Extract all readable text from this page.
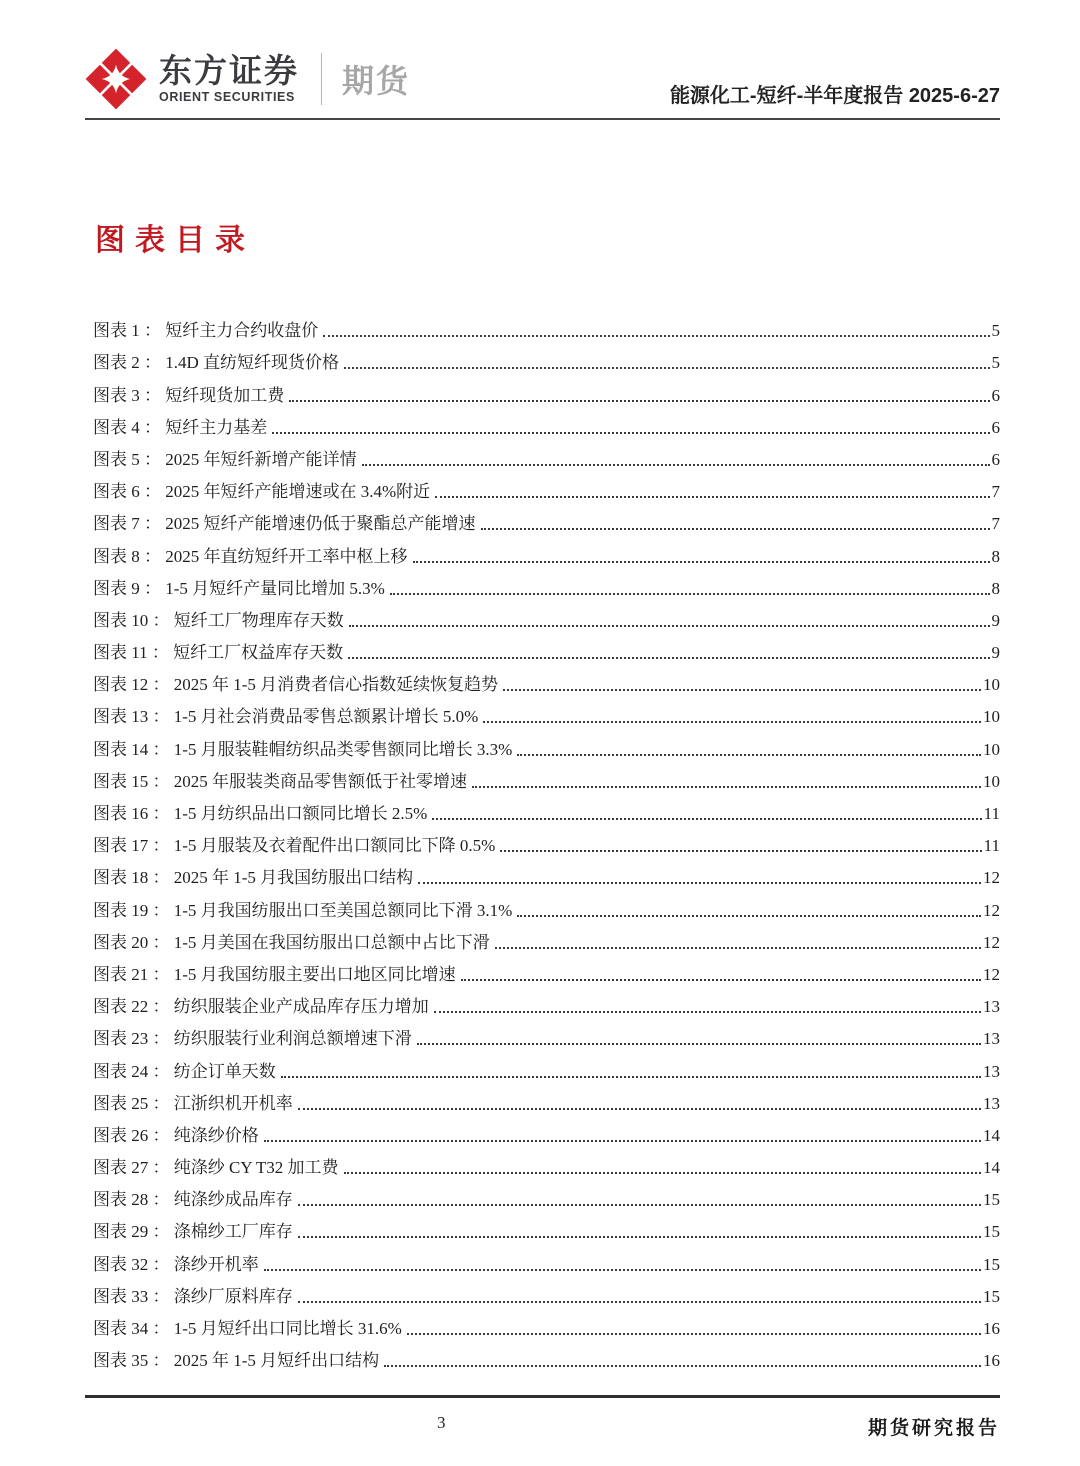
东方证券
ORIENT SECURITIES 期货	能源化工-短纤-半年度报告 2025-6-27
图表目录
图表 1 ： 短纤主力合约收盘价	5
图表 2 ： 1.4D 直纺短纤现货价格	5
图表 3 ： 短纤现货加工费	6
图表 4 ： 短纤主力基差	6
图表 5 ： 2025 年短纤新增产能详情	6
图表 6 ： 2025 年短纤产能增速或在 3.4%附近	7
图表 7 ： 2025 短纤产能增速仍低于聚酯总产能增速	7
图表 8 ： 2025 年直纺短纤开工率中枢上移	8
图表 9 ： 1-5 月短纤产量同比增加 5.3%	8
图表 10 ： 短纤工厂物理库存天数	9
图表 11 ： 短纤工厂权益库存天数	9
图表 12 ： 2025 年 1-5 月消费者信心指数延续恢复趋势	10
图表 13 ： 1-5 月社会消费品零售总额累计增长 5.0%	10
图表 14 ： 1-5 月服装鞋帽纺织品类零售额同比增长 3.3%	10
图表 15 ： 2025 年服装类商品零售额低于社零增速	10
图表 16 ： 1-5 月纺织品出口额同比增长 2.5%	11
图表 17 ： 1-5 月服装及衣着配件出口额同比下降 0.5%	11
图表 18 ： 2025 年 1-5 月我国纺服出口结构	12
图表 19 ： 1-5 月我国纺服出口至美国总额同比下滑 3.1%	12
图表 20 ： 1-5 月美国在我国纺服出口总额中占比下滑	12
图表 21 ： 1-5 月我国纺服主要出口地区同比增速	12
图表 22 ： 纺织服装企业产成品库存压力增加	13
图表 23 ： 纺织服装行业利润总额增速下滑	13
图表 24 ： 纺企订单天数	13
图表 25 ： 江浙织机开机率	13
图表 26 ： 纯涤纱价格	14
图表 27 ： 纯涤纱 CY T32 加工费	14
图表 28 ： 纯涤纱成品库存	15
图表 29 ： 涤棉纱工厂库存	15
图表 32 ： 涤纱开机率	15
图表 33 ： 涤纱厂原料库存	15
图表 34 ： 1-5 月短纤出口同比增长 31.6%	16
图表 35 ： 2025 年 1-5 月短纤出口结构	16
3	期货研究报告
